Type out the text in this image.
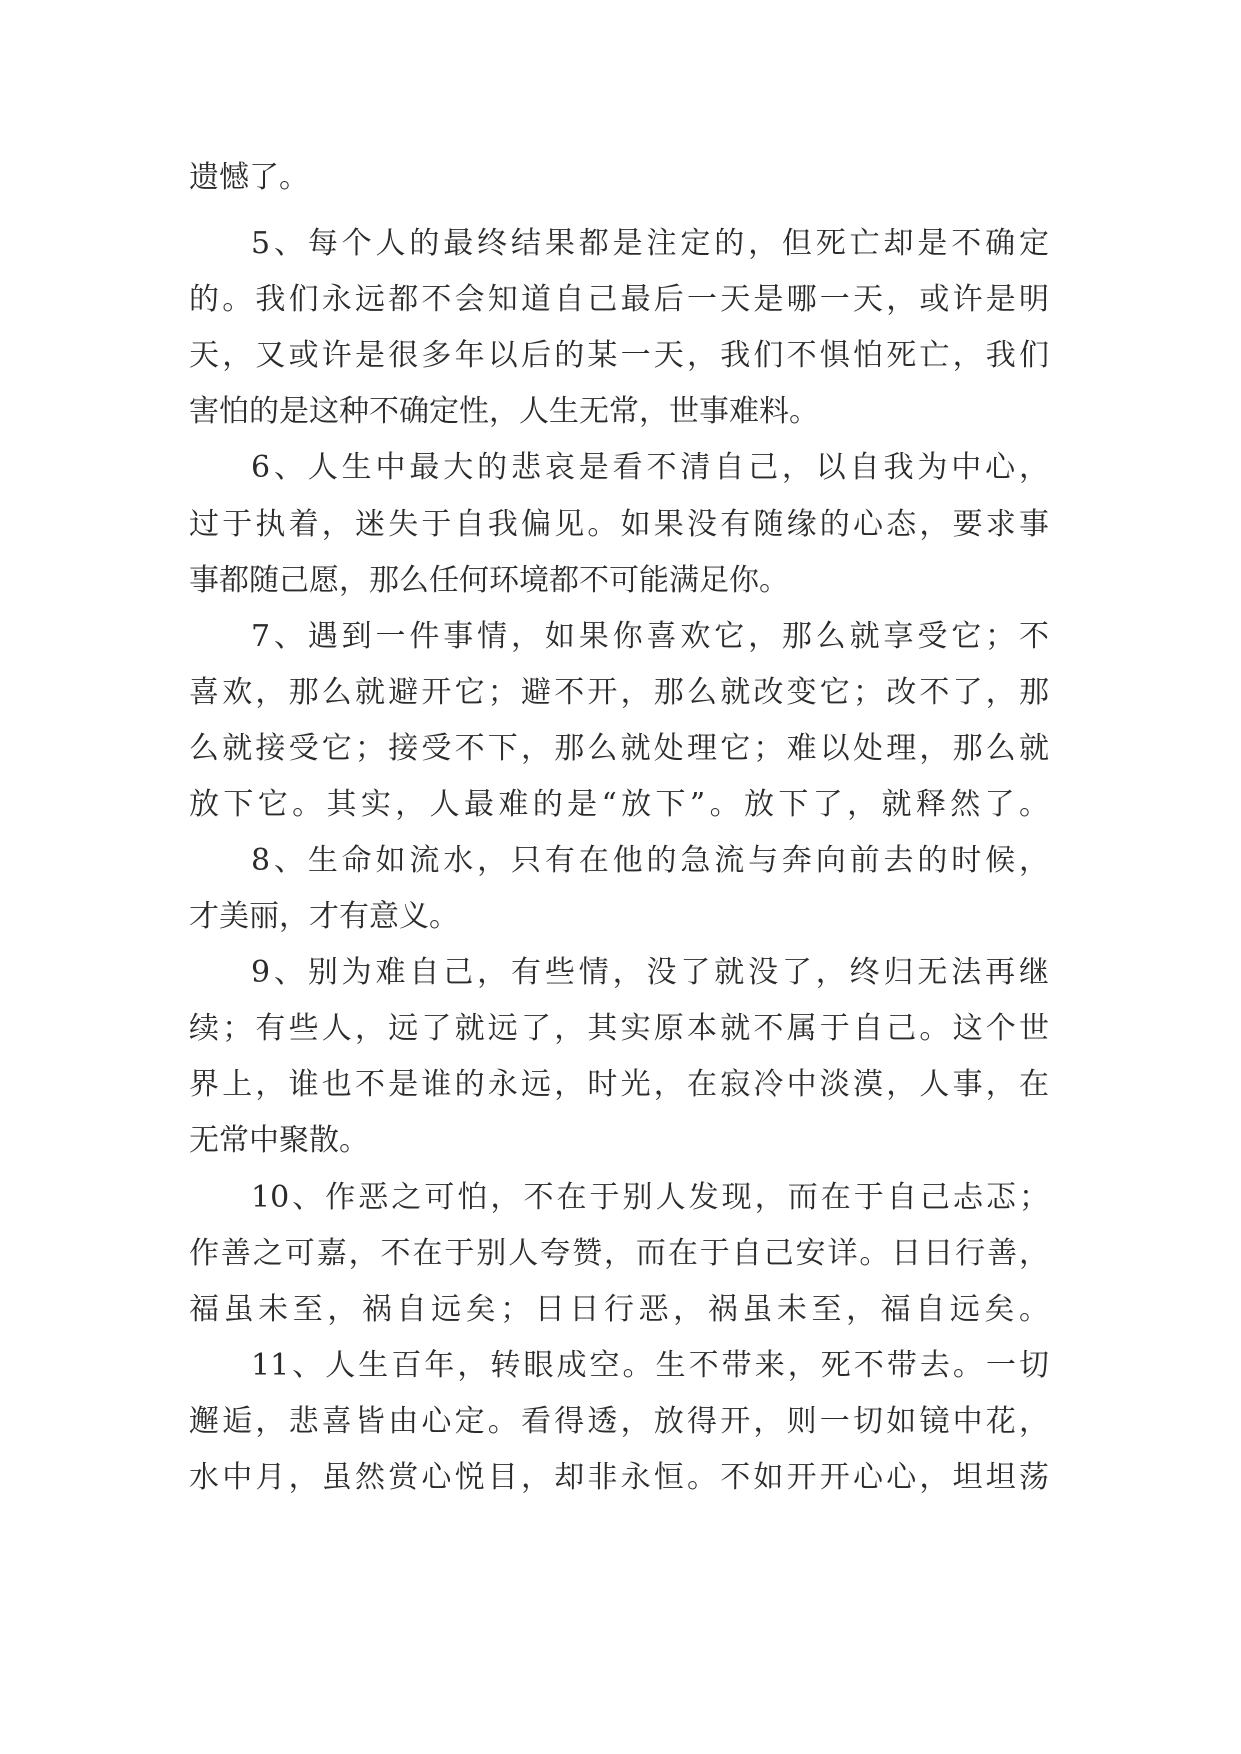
遗憾了。
5、每个人的最终结果都是注定的，但死亡却是不确定
的。我们永远都不会知道自己最后一天是哪一天，或许是明
天，又或许是很多年以后的某一天，我们不惧怕死亡，我们
害怕的是这种不确定性，人生无常，世事难料。
6、人生中最大的悲哀是看不清自己，以自我为中心，
过于执着，迷失于自我偏见。如果没有随缘的心态，要求事
事都随己愿，那么任何环境都不可能满足你。
7、遇到一件事情，如果你喜欢它，那么就享受它；不
喜欢，那么就避开它；避不开，那么就改变它；改不了，那
么就接受它；接受不下，那么就处理它；难以处理，那么就
放下它。其实，人最难的是“放下”。放下了，就释然了。
8、生命如流水，只有在他的急流与奔向前去的时候，
才美丽，才有意义。
9、别为难自己，有些情，没了就没了，终归无法再继
续；有些人，远了就远了，其实原本就不属于自己。这个世
界上，谁也不是谁的永远，时光，在寂冷中淡漠，人事，在
无常中聚散。
10、作恶之可怕，不在于别人发现，而在于自己忐忑；
作善之可嘉，不在于别人夸赞，而在于自己安详。日日行善，
福虽未至，祸自远矣；日日行恶，祸虽未至，福自远矣。
11、人生百年，转眼成空。生不带来，死不带去。一切
邂逅，悲喜皆由心定。看得透，放得开，则一切如镜中花，
水中月，虽然赏心悦目，却非永恒。不如开开心心，坦坦荡
